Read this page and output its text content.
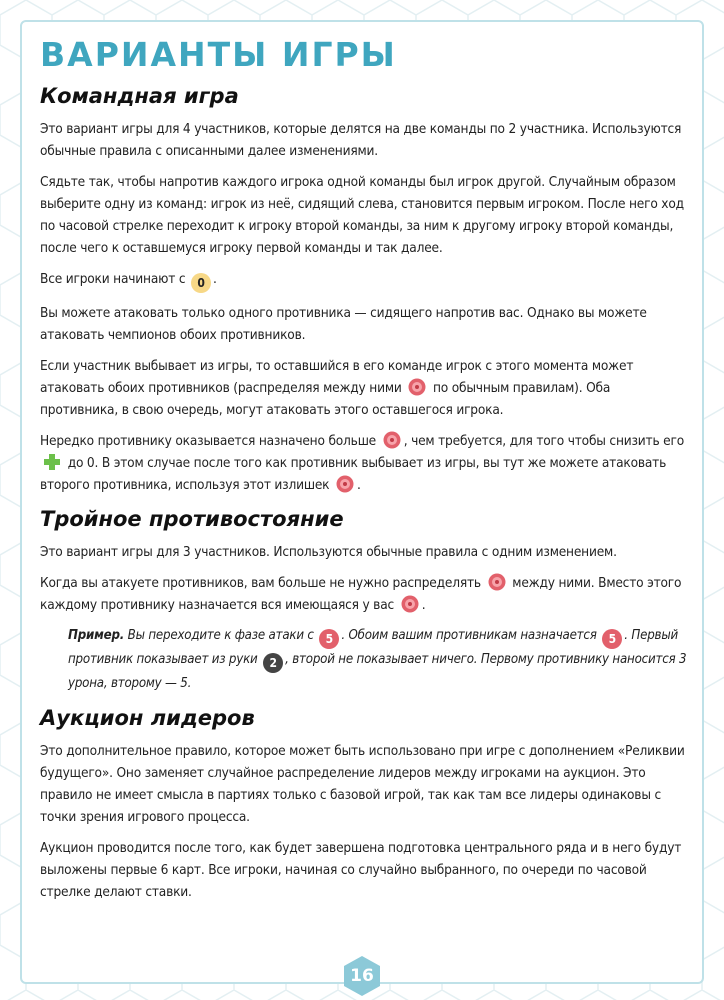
ВАРИАНТЫ ИГРЫ
Командная игра

Это вариант игры для 4 участников, которые делятся на две команды по 2 участника. Используются обычные правила с описанными далее изменениями.

Сядьте так, чтобы напротив каждого игрока одной команды был игрок другой. Случайным образом выберите одну из команд: игрок из неё, сидящий слева, становится первым игроком. После него ход по часовой стрелке переходит к игроку второй команды, за ним к другому игроку второй команды, после чего к оставшемуся игроку первой команды и так далее.

Все игроки начинают с 0 .

Вы можете атаковать только одного противника — сидящего напротив вас. Однако вы можете атаковать чемпионов обоих противников.

Если участник выбывает из игры, то оставшийся в его команде игрок с этого момента может атаковать обоих противников (распределяя между ними по обычным правилам). Оба противника, в свою очередь, могут атаковать этого оставшегося игрока.

Нередко противнику оказывается назначено больше , чем требуется, для того чтобы снизить его  до 0. В этом случае после того как противник выбывает из игры, вы тут же можете атаковать второго противника, используя этот излишек .

Тройное противостояние

Это вариант игры для 3 участников. Используются обычные правила с одним изменением.

Когда вы атакуете противников, вам больше не нужно распределять между ними. Вместо этого каждому противнику назначается вся имеющаяся у вас .

Пример. Вы переходите к фазе атаки с 5 . Обоим вашим противникам назначается 5 . Первый противник показывает из руки 2 , второй не показывает ничего. Первому противнику наносится 3 урона, второму — 5.

Аукцион лидеров

Это дополнительное правило, которое может быть использовано при игре с дополнением «Реликвии будущего». Оно заменяет случайное распределение лидеров между игроками на аукцион. Это правило не имеет смысла в партиях только с базовой игрой, так как там все лидеры одинаковы с точки зрения игрового процесса.

Аукцион проводится после того, как будет завершена подготовка центрального ряда и в него будут выложены первые 6 карт. Все игроки, начиная со случайно выбранного, по очереди по часовой стрелке делают ставки.

16
